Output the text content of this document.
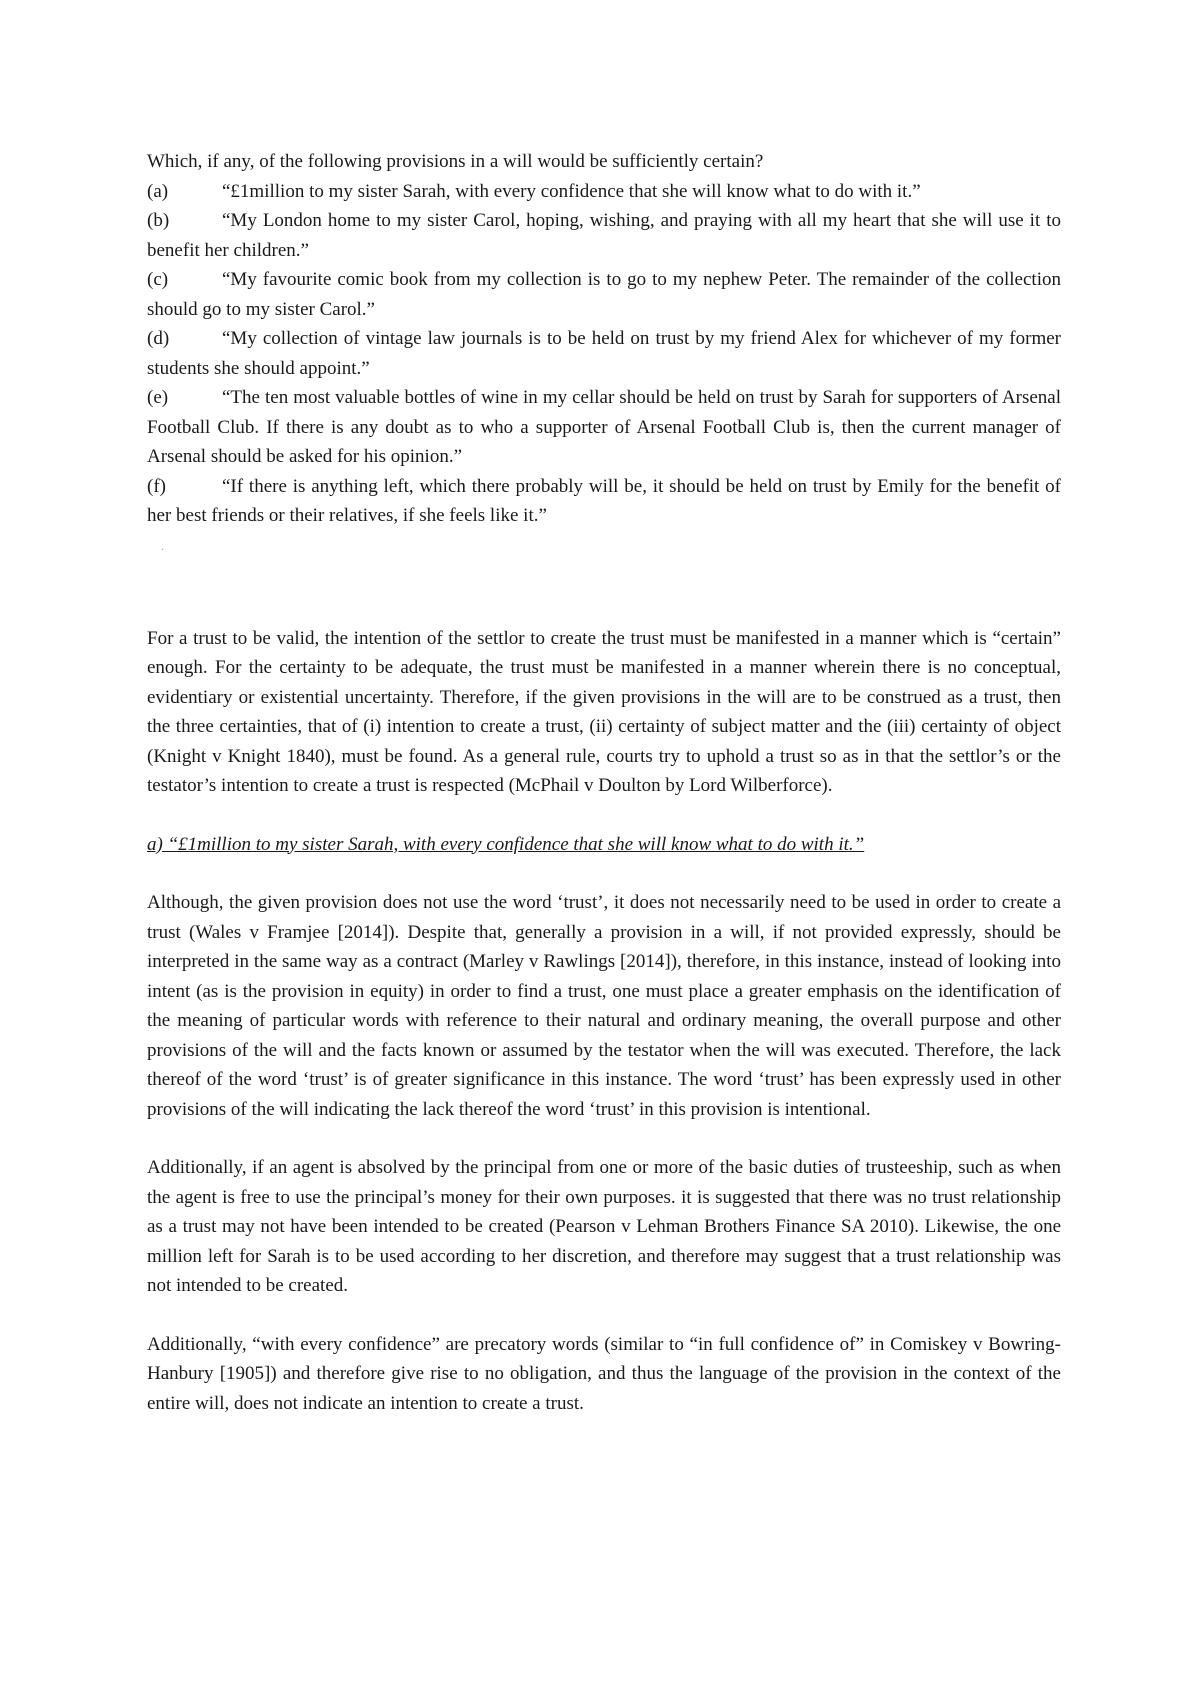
Which, if any, of the following provisions in a will would be sufficiently certain?

(a)	“£1million to my sister Sarah, with every confidence that she will know what to do with it.”

(b)	“My London home to my sister Carol, hoping, wishing, and praying with all my heart that she will use it to benefit her children.”

(c)	“My favourite comic book from my collection is to go to my nephew Peter. The remainder of the collection should go to my sister Carol.”

(d)	“My collection of vintage law journals is to be held on trust by my friend Alex for whichever of my former students she should appoint.”

(e)	“The ten most valuable bottles of wine in my cellar should be held on trust by Sarah for supporters of Arsenal Football Club. If there is any doubt as to who a supporter of Arsenal Football Club is, then the current manager of Arsenal should be asked for his opinion.”

(f)	“If there is anything left, which there probably will be, it should be held on trust by Emily for the benefit of her best friends or their relatives, if she feels like it.”

·

For a trust to be valid, the intention of the settlor to create the trust must be manifested in a manner which is “certain” enough. For the certainty to be adequate, the trust must be manifested in a manner wherein there is no conceptual, evidentiary or existential uncertainty. Therefore, if the given provisions in the will are to be construed as a trust, then the three certainties, that of (i) intention to create a trust, (ii) certainty of subject matter and the (iii) certainty of object (Knight v Knight 1840), must be found. As a general rule, courts try to uphold a trust so as in that the settlor’s or the testator’s intention to create a trust is respected (McPhail v Doulton by Lord Wilberforce).

a) “£1million to my sister Sarah, with every confidence that she will know what to do with it.”

Although, the given provision does not use the word ‘trust’, it does not necessarily need to be used in order to create a trust (Wales v Framjee [2014]). Despite that, generally a provision in a will, if not provided expressly, should be interpreted in the same way as a contract (Marley v Rawlings [2014]), therefore, in this instance, instead of looking into intent (as is the provision in equity) in order to find a trust, one must place a greater emphasis on the identification of the meaning of particular words with reference to their natural and ordinary meaning, the overall purpose and other provisions of the will and the facts known or assumed by the testator when the will was executed. Therefore, the lack thereof of the word ‘trust’ is of greater significance in this instance. The word ‘trust’ has been expressly used in other provisions of the will indicating the lack thereof the word ‘trust’ in this provision is intentional.

Additionally, if an agent is absolved by the principal from one or more of the basic duties of trusteeship, such as when the agent is free to use the principal’s money for their own purposes. it is suggested that there was no trust relationship as a trust may not have been intended to be created (Pearson v Lehman Brothers Finance SA 2010). Likewise, the one million left for Sarah is to be used according to her discretion, and therefore may suggest that a trust relationship was not intended to be created.

Additionally, “with every confidence” are precatory words (similar to “in full confidence of” in Comiskey v Bowring-Hanbury [1905]) and therefore give rise to no obligation, and thus the language of the provision in the context of the entire will, does not indicate an intention to create a trust.
